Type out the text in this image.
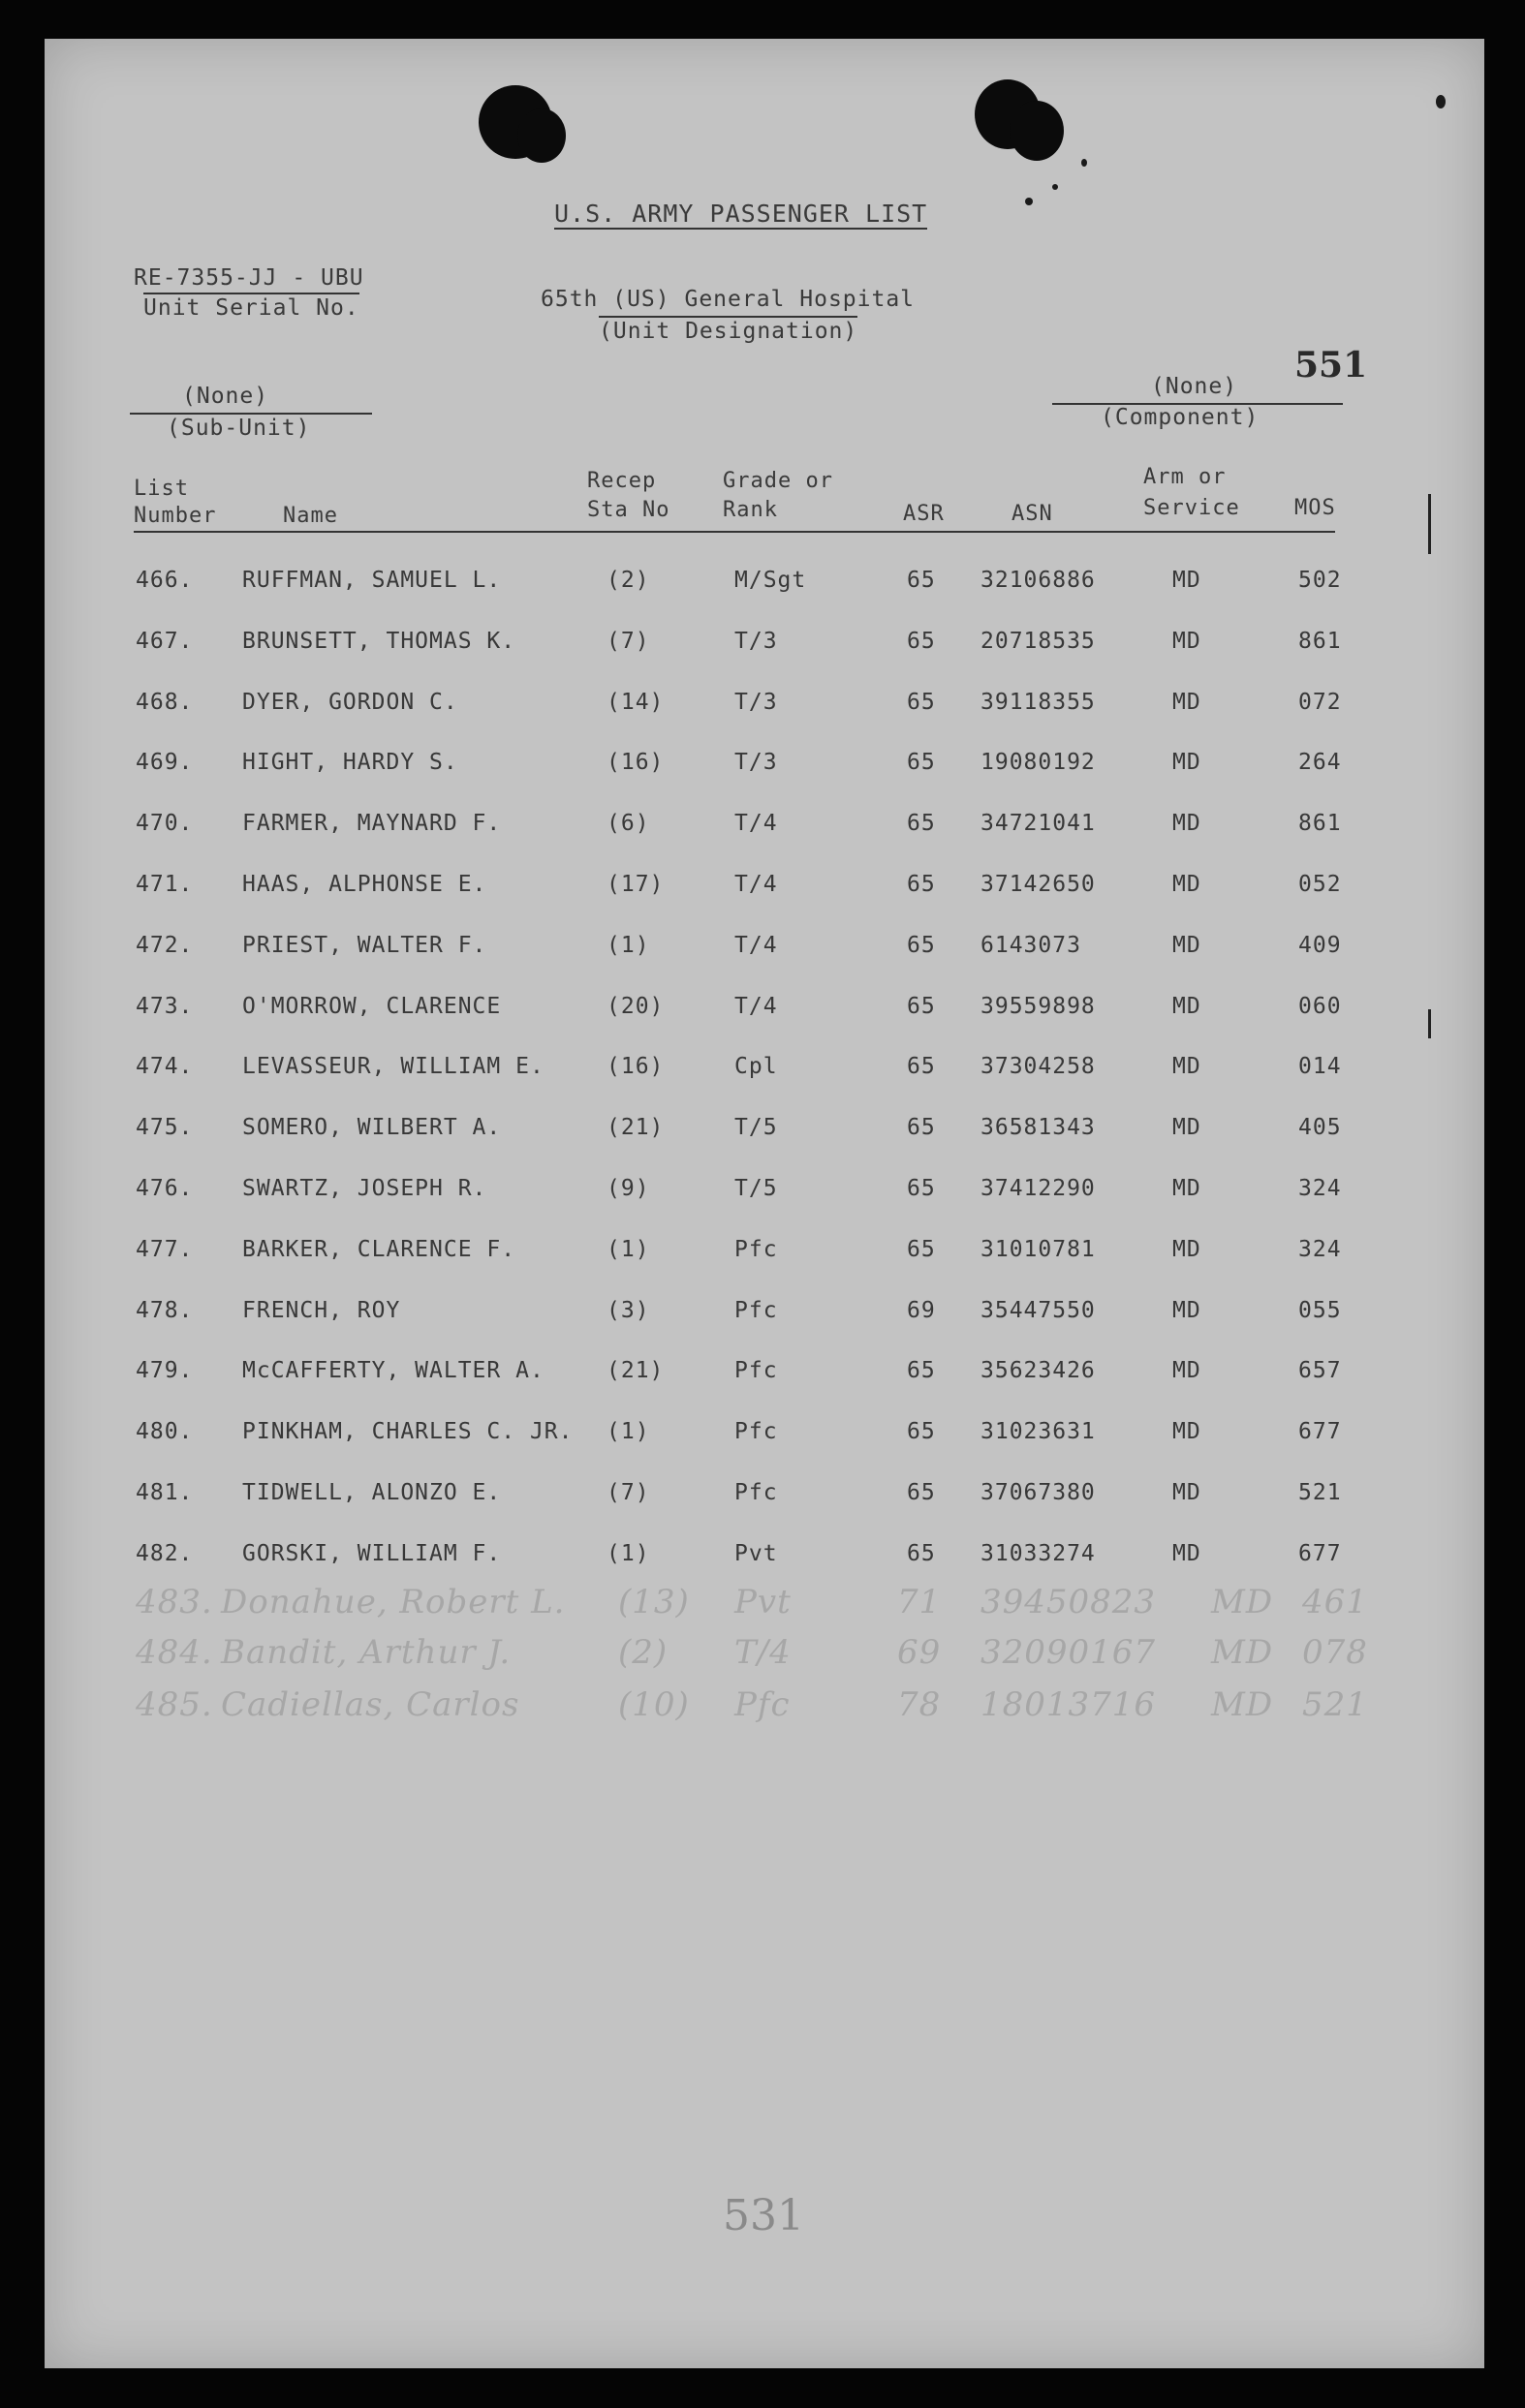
U.S. ARMY PASSENGER LIST
RE-7355-JJ - UBU
Unit Serial No.	65th (US) General Hospital
(Unit Designation)
551
(None)
(Sub-Unit)
(None)
(Component)
List
Number	Name
Recep
Sta No
Grade or
Rank	ASR	ASN
Arm or
Service	MOS
466. RUFFMAN, SAMUEL L.	(2)	M/Sgt	65 32106886	MD	502
467. BRUNSETT, THOMAS K.	(7)	T/3	65 20718535	MD	861
468. DYER, GORDON C.	(14)	T/3	65 39118355	MD	072
469. HIGHT, HARDY S.	(16)	T/3	65 19080192	MD	264
470. FARMER, MAYNARD F.	(6)	T/4	65 34721041	MD	861
471. HAAS, ALPHONSE E.	(17)	T/4	65 37142650	MD	052
472. PRIEST, WALTER F.	(1)	T/4	65 6143073	MD	409
473. O'MORROW, CLARENCE	(20)	T/4	65 39559898	MD	060
474. LEVASSEUR, WILLIAM E.	(16)	Cpl	65 37304258	MD	014
475. SOMERO, WILBERT A.	(21)	T/5	65 36581343	MD	405
476. SWARTZ, JOSEPH R.	(9)	T/5	65 37412290	MD	324
477. BARKER, CLARENCE F.	(1)	Pfc	65 31010781	MD	324
478. FRENCH, ROY	(3)	Pfc	69 35447550	MD	055
479. McCAFFERTY, WALTER A.	(21)	Pfc	65 35623426	MD	657
480. PINKHAM, CHARLES C. JR. (1)	Pfc	65 31023631	MD	677
481. TIDWELL, ALONZO E.	(7)	Pfc	65 37067380	MD	521
482. GORSKI, WILLIAM F.	(1)	Pvt	65 31033274	MD	677
483. Donahue, Robert L. (13) Pvt	71 39450823 MD 461
484. Bandit, Arthur J.	(2) T/4	69 32090167 MD 078
485. Cadiellas, Carlos	(10) Pfc	78 18013716 MD 521
531
